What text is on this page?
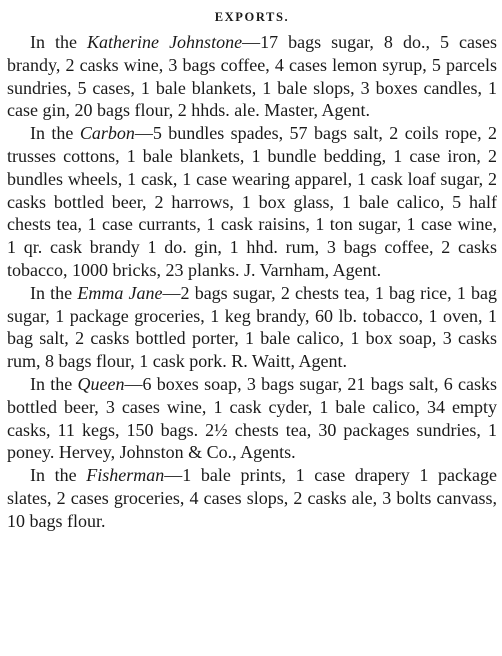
EXPORTS.

In the Katherine Johnstone—17 bags sugar, 8 do., 5 cases brandy, 2 casks wine, 3 bags coffee, 4 cases lemon syrup, 5 parcels sundries, 5 cases, 1 bale blankets, 1 bale slops, 3 boxes candles, 1 case gin, 20 bags flour, 2 hhds. ale. Master, Agent.

In the Carbon—5 bundles spades, 57 bags salt, 2 coils rope, 2 trusses cottons, 1 bale blankets, 1 bundle bedding, 1 case iron, 2 bundles wheels, 1 cask, 1 case wearing apparel, 1 cask loaf sugar, 2 casks bottled beer, 2 harrows, 1 box glass, 1 bale calico, 5 half chests tea, 1 case currants, 1 cask raisins, 1 ton sugar, 1 case wine, 1 qr. cask brandy 1 do. gin, 1 hhd. rum, 3 bags coffee, 2 casks tobacco, 1000 bricks, 23 planks. J. Varnham, Agent.

In the Emma Jane—2 bags sugar, 2 chests tea, 1 bag rice, 1 bag sugar, 1 package groceries, 1 keg brandy, 60 lb. tobacco, 1 oven, 1 bag salt, 2 casks bottled porter, 1 bale calico, 1 box soap, 3 casks rum, 8 bags flour, 1 cask pork. R. Waitt, Agent.

In the Queen—6 boxes soap, 3 bags sugar, 21 bags salt, 6 casks bottled beer, 3 cases wine, 1 cask cyder, 1 bale calico, 34 empty casks, 11 kegs, 150 bags. 2½ chests tea, 30 packages sundries, 1 poney. Hervey, Johnston & Co., Agents.

In the Fisherman—1 bale prints, 1 case drapery 1 package slates, 2 cases groceries, 4 cases slops, 2 casks ale, 3 bolts canvass, 10 bags flour.
